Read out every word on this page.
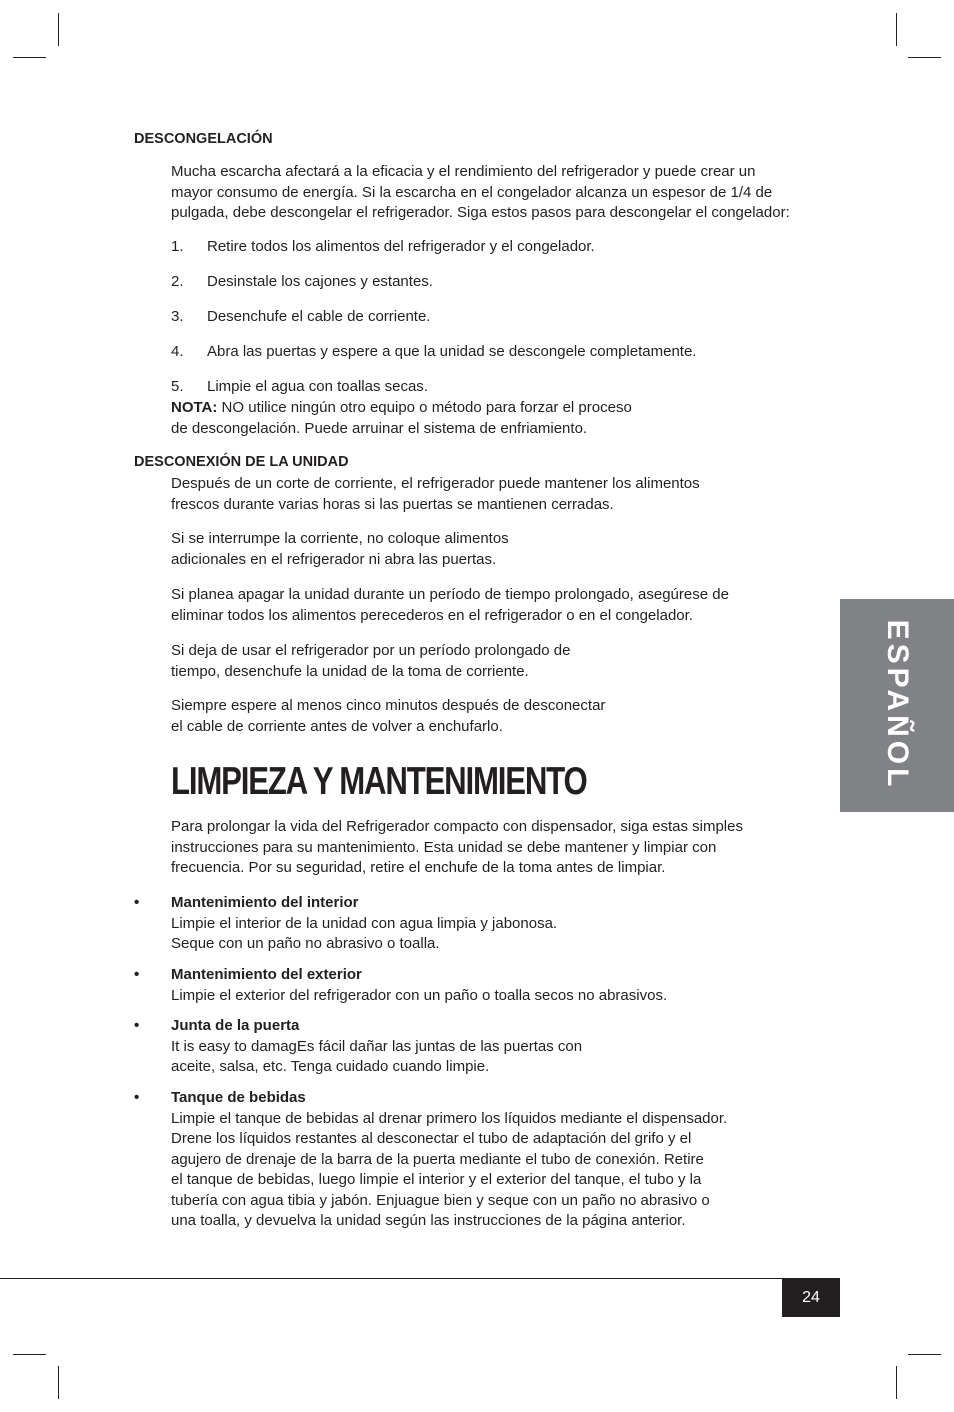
ESPAÑOL
DESCONGELACIÓN
Mucha escarcha afectará a la eficacia y el rendimiento del refrigerador y puede crear un
mayor consumo de energía. Si la escarcha en el congelador alcanza un espesor de 1/4 de
pulgada, debe descongelar el refrigerador. Siga estos pasos para descongelar el congelador:
1. Retire todos los alimentos del refrigerador y el congelador.
2. Desinstale los cajones y estantes.
3. Desenchufe el cable de corriente.
4. Abra las puertas y espere a que la unidad se descongele completamente.
5. Limpie el agua con toallas secas.
NOTA: NO utilice ningún otro equipo o método para forzar el proceso
de descongelación. Puede arruinar el sistema de enfriamiento.
DESCONEXIÓN DE LA UNIDAD
Después de un corte de corriente, el refrigerador puede mantener los alimentos
frescos durante varias horas si las puertas se mantienen cerradas.
Si se interrumpe la corriente, no coloque alimentos
adicionales en el refrigerador ni abra las puertas.
Si planea apagar la unidad durante un período de tiempo prolongado, asegúrese de
eliminar todos los alimentos perecederos en el refrigerador o en el congelador.
Si deja de usar el refrigerador por un período prolongado de
tiempo, desenchufe la unidad de la toma de corriente.
Siempre espere al menos cinco minutos después de desconectar
el cable de corriente antes de volver a enchufarlo.
LIMPIEZA Y MANTENIMIENTO
Para prolongar la vida del Refrigerador compacto con dispensador, siga estas simples
instrucciones para su mantenimiento. Esta unidad se debe mantener y limpiar con
frecuencia. Por su seguridad, retire el enchufe de la toma antes de limpiar.
• Mantenimiento del interior
Limpie el interior de la unidad con agua limpia y jabonosa.
Seque con un paño no abrasivo o toalla.
• Mantenimiento del exterior
Limpie el exterior del refrigerador con un paño o toalla secos no abrasivos.
• Junta de la puerta
It is easy to damagEs fácil dañar las juntas de las puertas con
aceite, salsa, etc. Tenga cuidado cuando limpie.
• Tanque de bebidas
Limpie el tanque de bebidas al drenar primero los líquidos mediante el dispensador.
Drene los líquidos restantes al desconectar el tubo de adaptación del grifo y el
agujero de drenaje de la barra de la puerta mediante el tubo de conexión. Retire
el tanque de bebidas, luego limpie el interior y el exterior del tanque, el tubo y la
tubería con agua tibia y jabón. Enjuague bien y seque con un paño no abrasivo o
una toalla, y devuelva la unidad según las instrucciones de la página anterior.
24
